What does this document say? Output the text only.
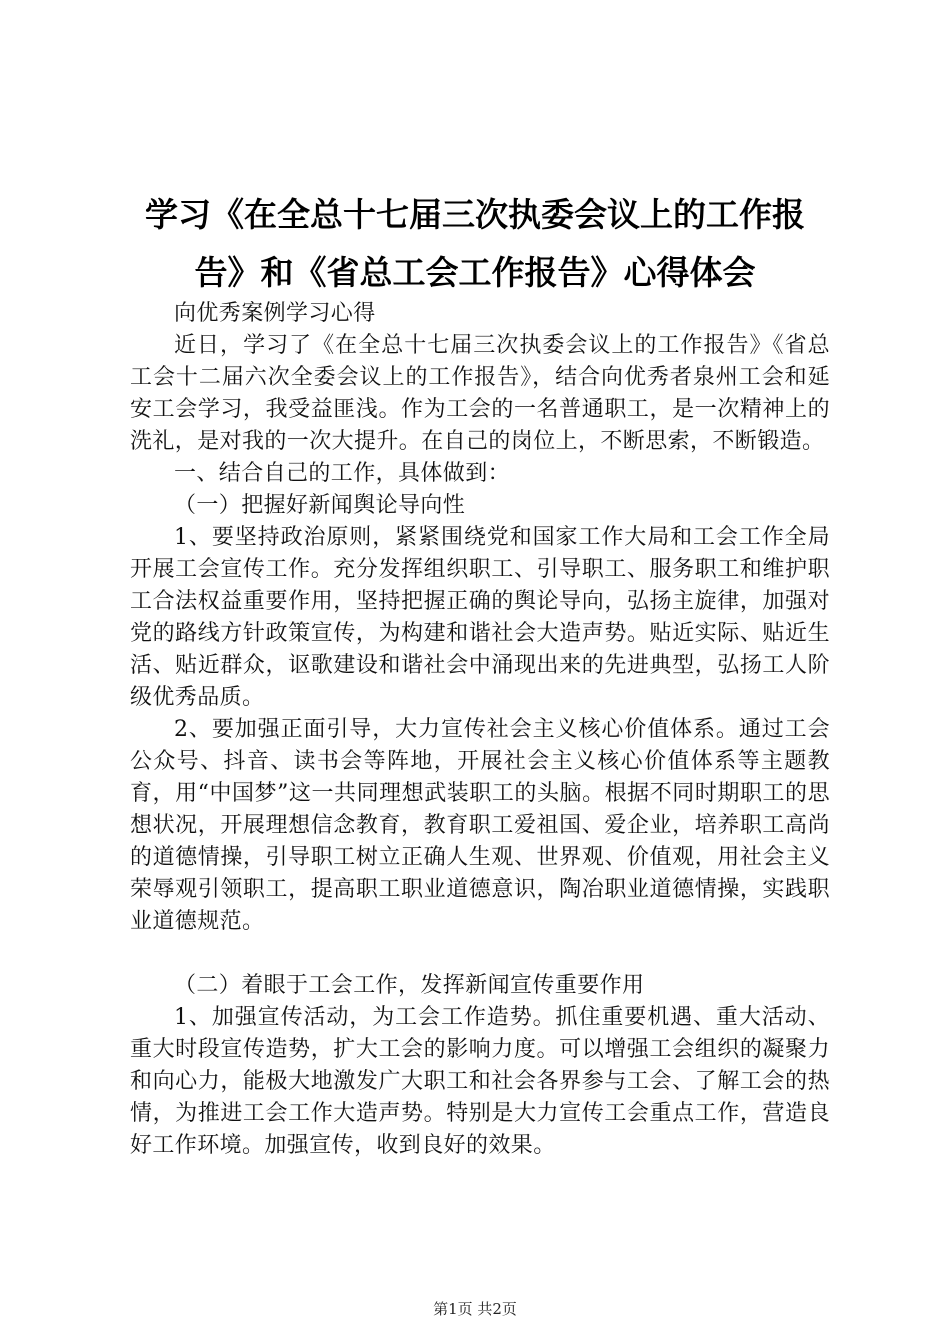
学习《在全总十七届三次执委会议上的工作报
告》和《省总工会工作报告》心得体会

向优秀案例学习心得

近日，学习了《在全总十七届三次执委会议上的工作报告》《省总工会十二届六次全委会议上的工作报告》，结合向优秀者泉州工会和延安工会学习，我受益匪浅。作为工会的一名普通职工，是一次精神上的洗礼，是对我的一次大提升。在自己的岗位上，不断思索，不断锻造。

一、结合自己的工作，具体做到：

（一）把握好新闻舆论导向性

1、要坚持政治原则，紧紧围绕党和国家工作大局和工会工作全局开展工会宣传工作。充分发挥组织职工、引导职工、服务职工和维护职工合法权益重要作用，坚持把握正确的舆论导向，弘扬主旋律，加强对党的路线方针政策宣传，为构建和谐社会大造声势。贴近实际、贴近生活、贴近群众，讴歌建设和谐社会中涌现出来的先进典型，弘扬工人阶级优秀品质。

2、要加强正面引导，大力宣传社会主义核心价值体系。通过工会公众号、抖音、读书会等阵地，开展社会主义核心价值体系等主题教育，用“中国梦”这一共同理想武装职工的头脑。根据不同时期职工的思想状况，开展理想信念教育，教育职工爱祖国、爱企业，培养职工高尚的道德情操，引导职工树立正确人生观、世界观、价值观，用社会主义荣辱观引领职工，提高职工职业道德意识，陶冶职业道德情操，实践职业道德规范。

（二）着眼于工会工作，发挥新闻宣传重要作用

1、加强宣传活动，为工会工作造势。抓住重要机遇、重大活动、重大时段宣传造势，扩大工会的影响力度。可以增强工会组织的凝聚力和向心力，能极大地激发广大职工和社会各界参与工会、了解工会的热情，为推进工会工作大造声势。特别是大力宣传工会重点工作，营造良好工作环境。加强宣传，收到良好的效果。

第1页 共2页
